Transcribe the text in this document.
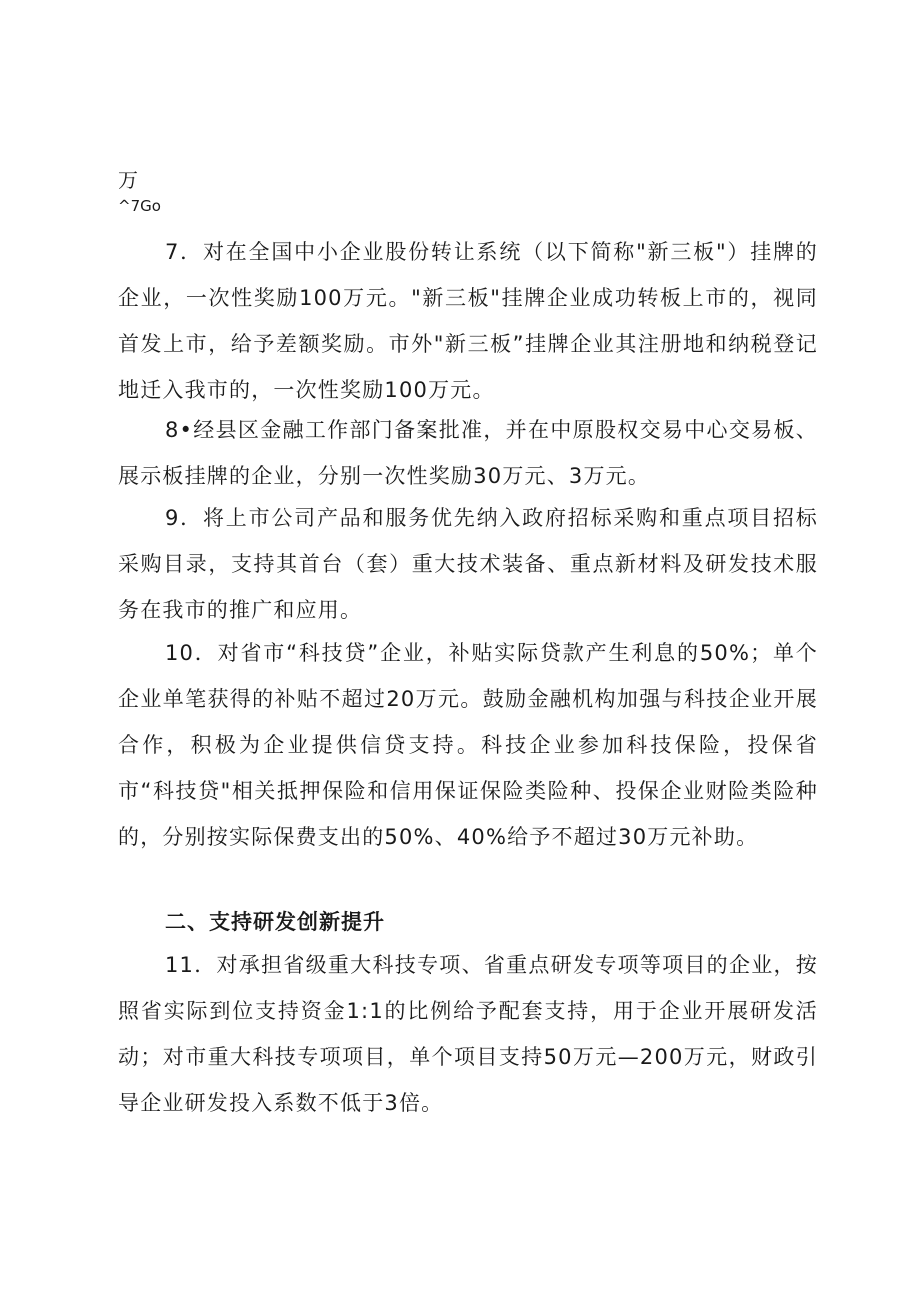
万
^7Go

7．对在全国中小企业股份转让系统（以下简称"新三板"）挂牌的企业，一次性奖励100万元。"新三板"挂牌企业成功转板上市的，视同首发上市，给予差额奖励。市外"新三板”挂牌企业其注册地和纳税登记地迁入我市的，一次性奖励100万元。

8•经县区金融工作部门备案批准，并在中原股权交易中心交易板、展示板挂牌的企业，分别一次性奖励30万元、3万元。

9．将上市公司产品和服务优先纳入政府招标采购和重点项目招标采购目录，支持其首台（套）重大技术装备、重点新材料及研发技术服务在我市的推广和应用。

10．对省市“科技贷”企业，补贴实际贷款产生利息的50%；单个企业单笔获得的补贴不超过20万元。鼓励金融机构加强与科技企业开展合作，积极为企业提供信贷支持。科技企业参加科技保险，投保省市“科技贷"相关抵押保险和信用保证保险类险种、投保企业财险类险种的，分别按实际保费支出的50%、40%给予不超过30万元补助。

二、支持研发创新提升

11．对承担省级重大科技专项、省重点研发专项等项目的企业，按照省实际到位支持资金1:1的比例给予配套支持，用于企业开展研发活动；对市重大科技专项项目，单个项目支持50万元—200万元，财政引导企业研发投入系数不低于3倍。
